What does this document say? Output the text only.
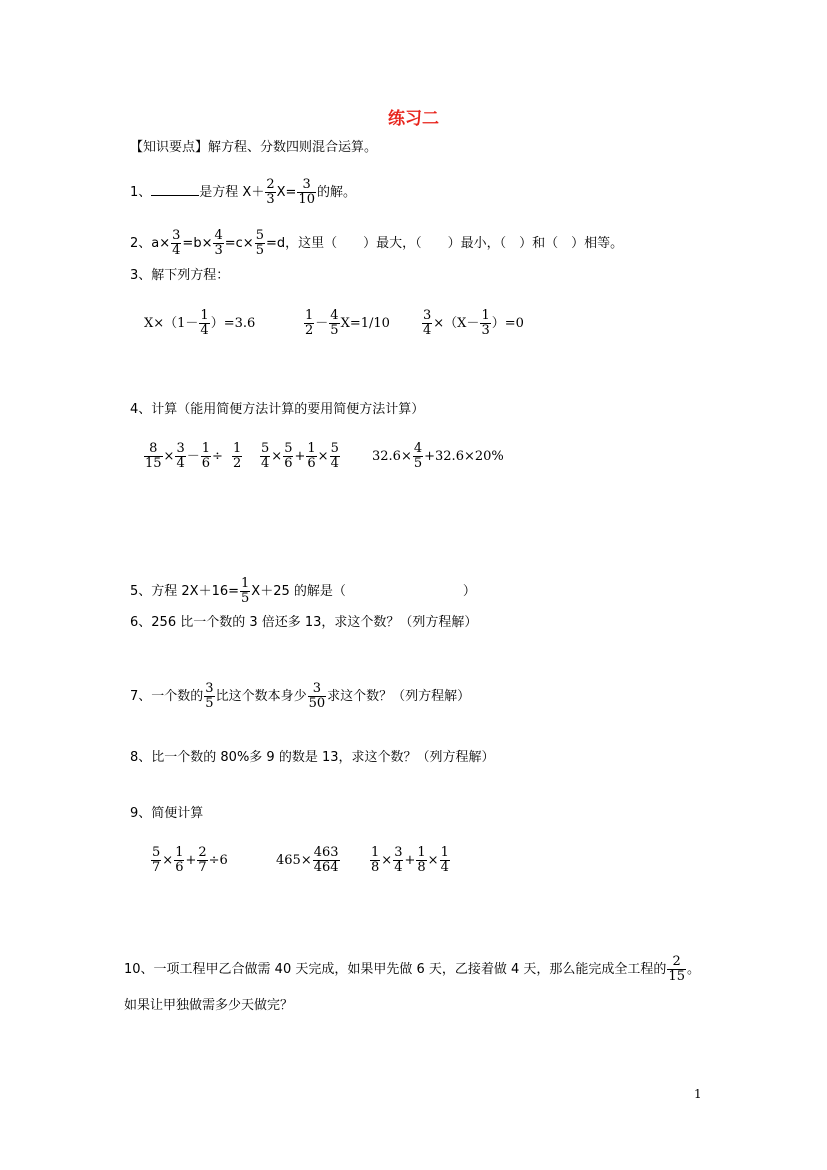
练习二
【知识要点】解方程、分数四则混合运算。
1、	是方程 $X+ \frac{2}{3} X= \frac{3}{10}$ 的解。
2、$a\times \frac{3}{4} =b\times \frac{4}{3} =c\times \frac{5}{5} =d$，这里（　　）最大，（　　）最小，（　）和（　）相等。
3、解下列方程：
$X\times(1- \frac{1}{4} )=3.6$	$\frac{1}{2} - \frac{4}{5} X=1/10 \frac{3}{4} \times(X- \frac{1}{3} )=0$
4、计算（能用简便方法计算的要用简便方法计算）
$\frac{8}{15} \times \frac{3}{4} - \frac{1}{6} \div \frac{1}{2} \frac{5}{4} \times \frac{5}{6} + \frac{1}{6} \times \frac{5}{4} 32.6\times \frac{4}{5} +32.6\times 20\%$
5、方程 $2X+16= \frac{1}{5} X+25$ 的解是（　　　　　　　　　）
6、256 比一个数的 3 倍还多 13，求这个数？（列方程解）
7、一个数的 $\frac{3}{5}$ 比这个数本身少 $\frac{3}{50}$ 求这个数？（列方程解）
8、比一个数的 80%多 9 的数是 13，求这个数？（列方程解）
9、简便计算
$\frac{5}{7} \times \frac{1}{6} + \frac{2}{7} \div 6$	$465\times \frac{463}{464} \frac{1}{8} \times \frac{3}{4} + \frac{1}{8} \times \frac{1}{4}$
10、一项工程甲乙合做需 40 天完成，如果甲先做 6 天，乙接着做 4 天，那么能完成全工程的 $\frac{2}{15}$ 。
如果让甲独做需多少天做完？
1
